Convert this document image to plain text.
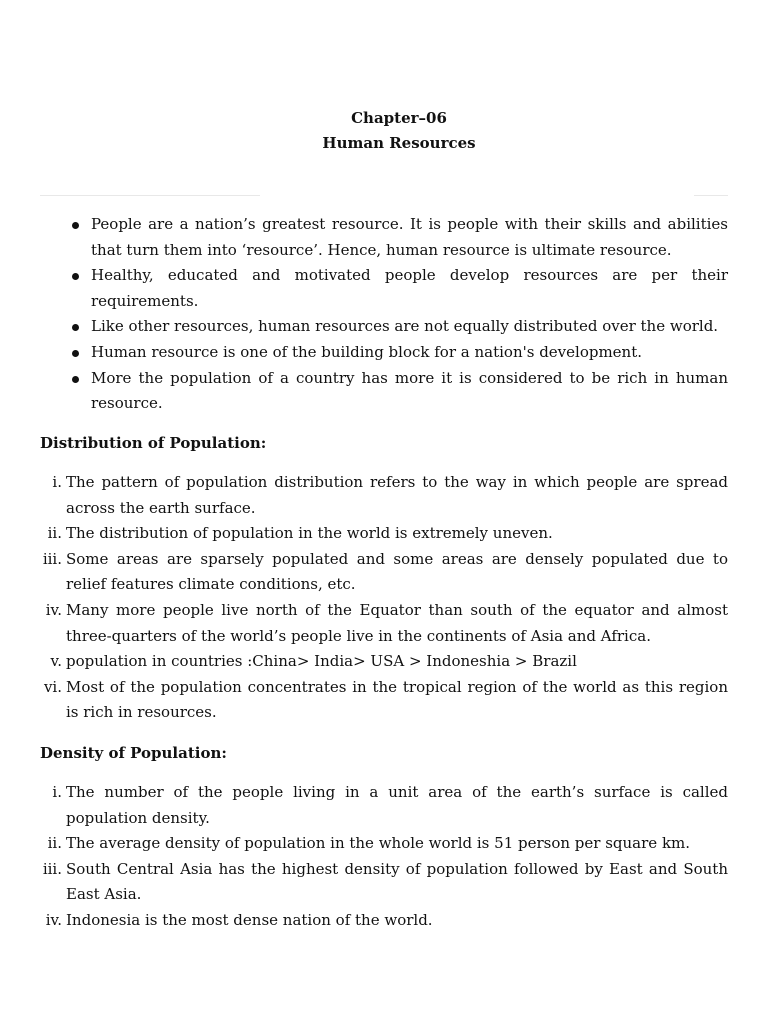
Chapter–06
Human Resources
People are a nation’s greatest resource. It is people with their skills and abilities that turn them into ‘resource’. Hence, human resource is ultimate resource.
Healthy, educated and motivated people develop resources are per their requirements.
Like other resources, human resources are not equally distributed over the world.
Human resource is one of the building block for a nation's development.
More the population of a country has more it is considered to be rich in human resource.
Distribution of Population:
i. The pattern of population distribution refers to the way in which people are spread across the earth surface.
ii. The distribution of population in the world is extremely uneven.
iii. Some areas are sparsely populated and some areas are densely populated due to relief features climate conditions, etc.
iv. Many more people live north of the Equator than south of the equator and almost three-quarters of the world’s people live in the continents of Asia and Africa.
v. population in countries :China> India> USA > Indoneshia > Brazil
vi. Most of the population concentrates in the tropical region of the world as this region is rich in resources.
Density of Population:
i. The number of the people living in a unit area of the earth’s surface is called population density.
ii. The average density of population in the whole world is 51 person per square km.
iii. South Central Asia has the highest density of population followed by East and South East Asia.
iv. Indonesia is the most dense nation of the world.
